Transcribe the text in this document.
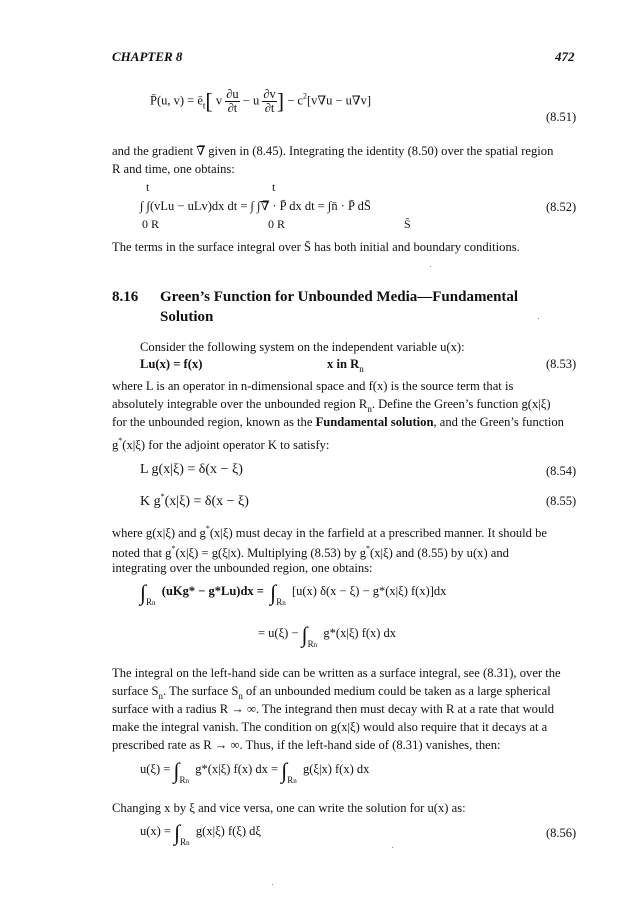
CHAPTER 8	472
P̄(u, $v) = ē_t$[ v $\frac{\partial u}{\partial t} - u \frac{\partial v}{\partial t}$ ] − $c^2[v\nabla u - u\nabla v]$
(8.51)
and the gradient ∇̿ given in (8.45). Integrating the identity (8.50) over the spatial region
R and time, one obtains:
t	t
∫ ∫(vLu − uLv)dx dt = ∫ ∫∇̿ · P̄ dx dt = ∫n̄ · P̄ dS̄	(8.52)
0 R	0 R	S̄
The terms in the surface integral over S̄ has both initial and boundary conditions.
8.16 Green’s Function for Unbounded Media—Fundamental
Solution
Consider the following system on the independent variable u(x):
Lu(x) = f(x)	x in $R_n$	(8.53)
where L is an operator in n-dimensional space and f(x) is the source term that is
absolutely integrable over the unbounded region $R_n$. Define the Green’s function g(x|ξ)
for the unbounded region, known as the Fundamental solution, and the Green’s function
g*(x|ξ) for the adjoint operator K to satisfy:
L g(x|ξ) = δ(x − ξ)	(8.54)
K g*(x|ξ) = δ(x − ξ)	(8.55)
where g(x|ξ) and g*(x|ξ) must decay in the farfield at a prescribed manner. It should be
noted that g*(x|ξ) = g(ξ|x). Multiplying (8.53) by g*(x|ξ) and (8.55) by u(x) and
integrating over the unbounded region, one obtains:
$\int_{Rn}$  $(uKg* - g*Lu)dx = \int_{Rn}$  [u(x) δ(x − ξ) − g*(x|ξ) f(x)]dx
= $u(\xi) - \int_{Rn}$  g*(x|ξ) f(x) dx
The integral on the left-hand side can be written as a surface integral, see (8.31), over the
surface $S_n$. The surface $S_n$ of an unbounded medium could be taken as a large spherical
surface with a radius R → ∞. The integrand then must decay with R at a rate that would
make the integral vanish. The condition on g(x|ξ) would also require that it decays at a
prescribed rate as R → ∞. Thus, if the left-hand side of (8.31) vanishes, then:
$u(\xi) = \int_{Rn}$  g*(x|ξ) f(x) dx = $\int_{Rn}$  g(ξ|x) f(x) dx
Changing x by ξ and vice versa, one can write the solution for u(x) as:
$u(x) = \int_{Rn}$  g(x|ξ) f(ξ) dξ	(8.56)
